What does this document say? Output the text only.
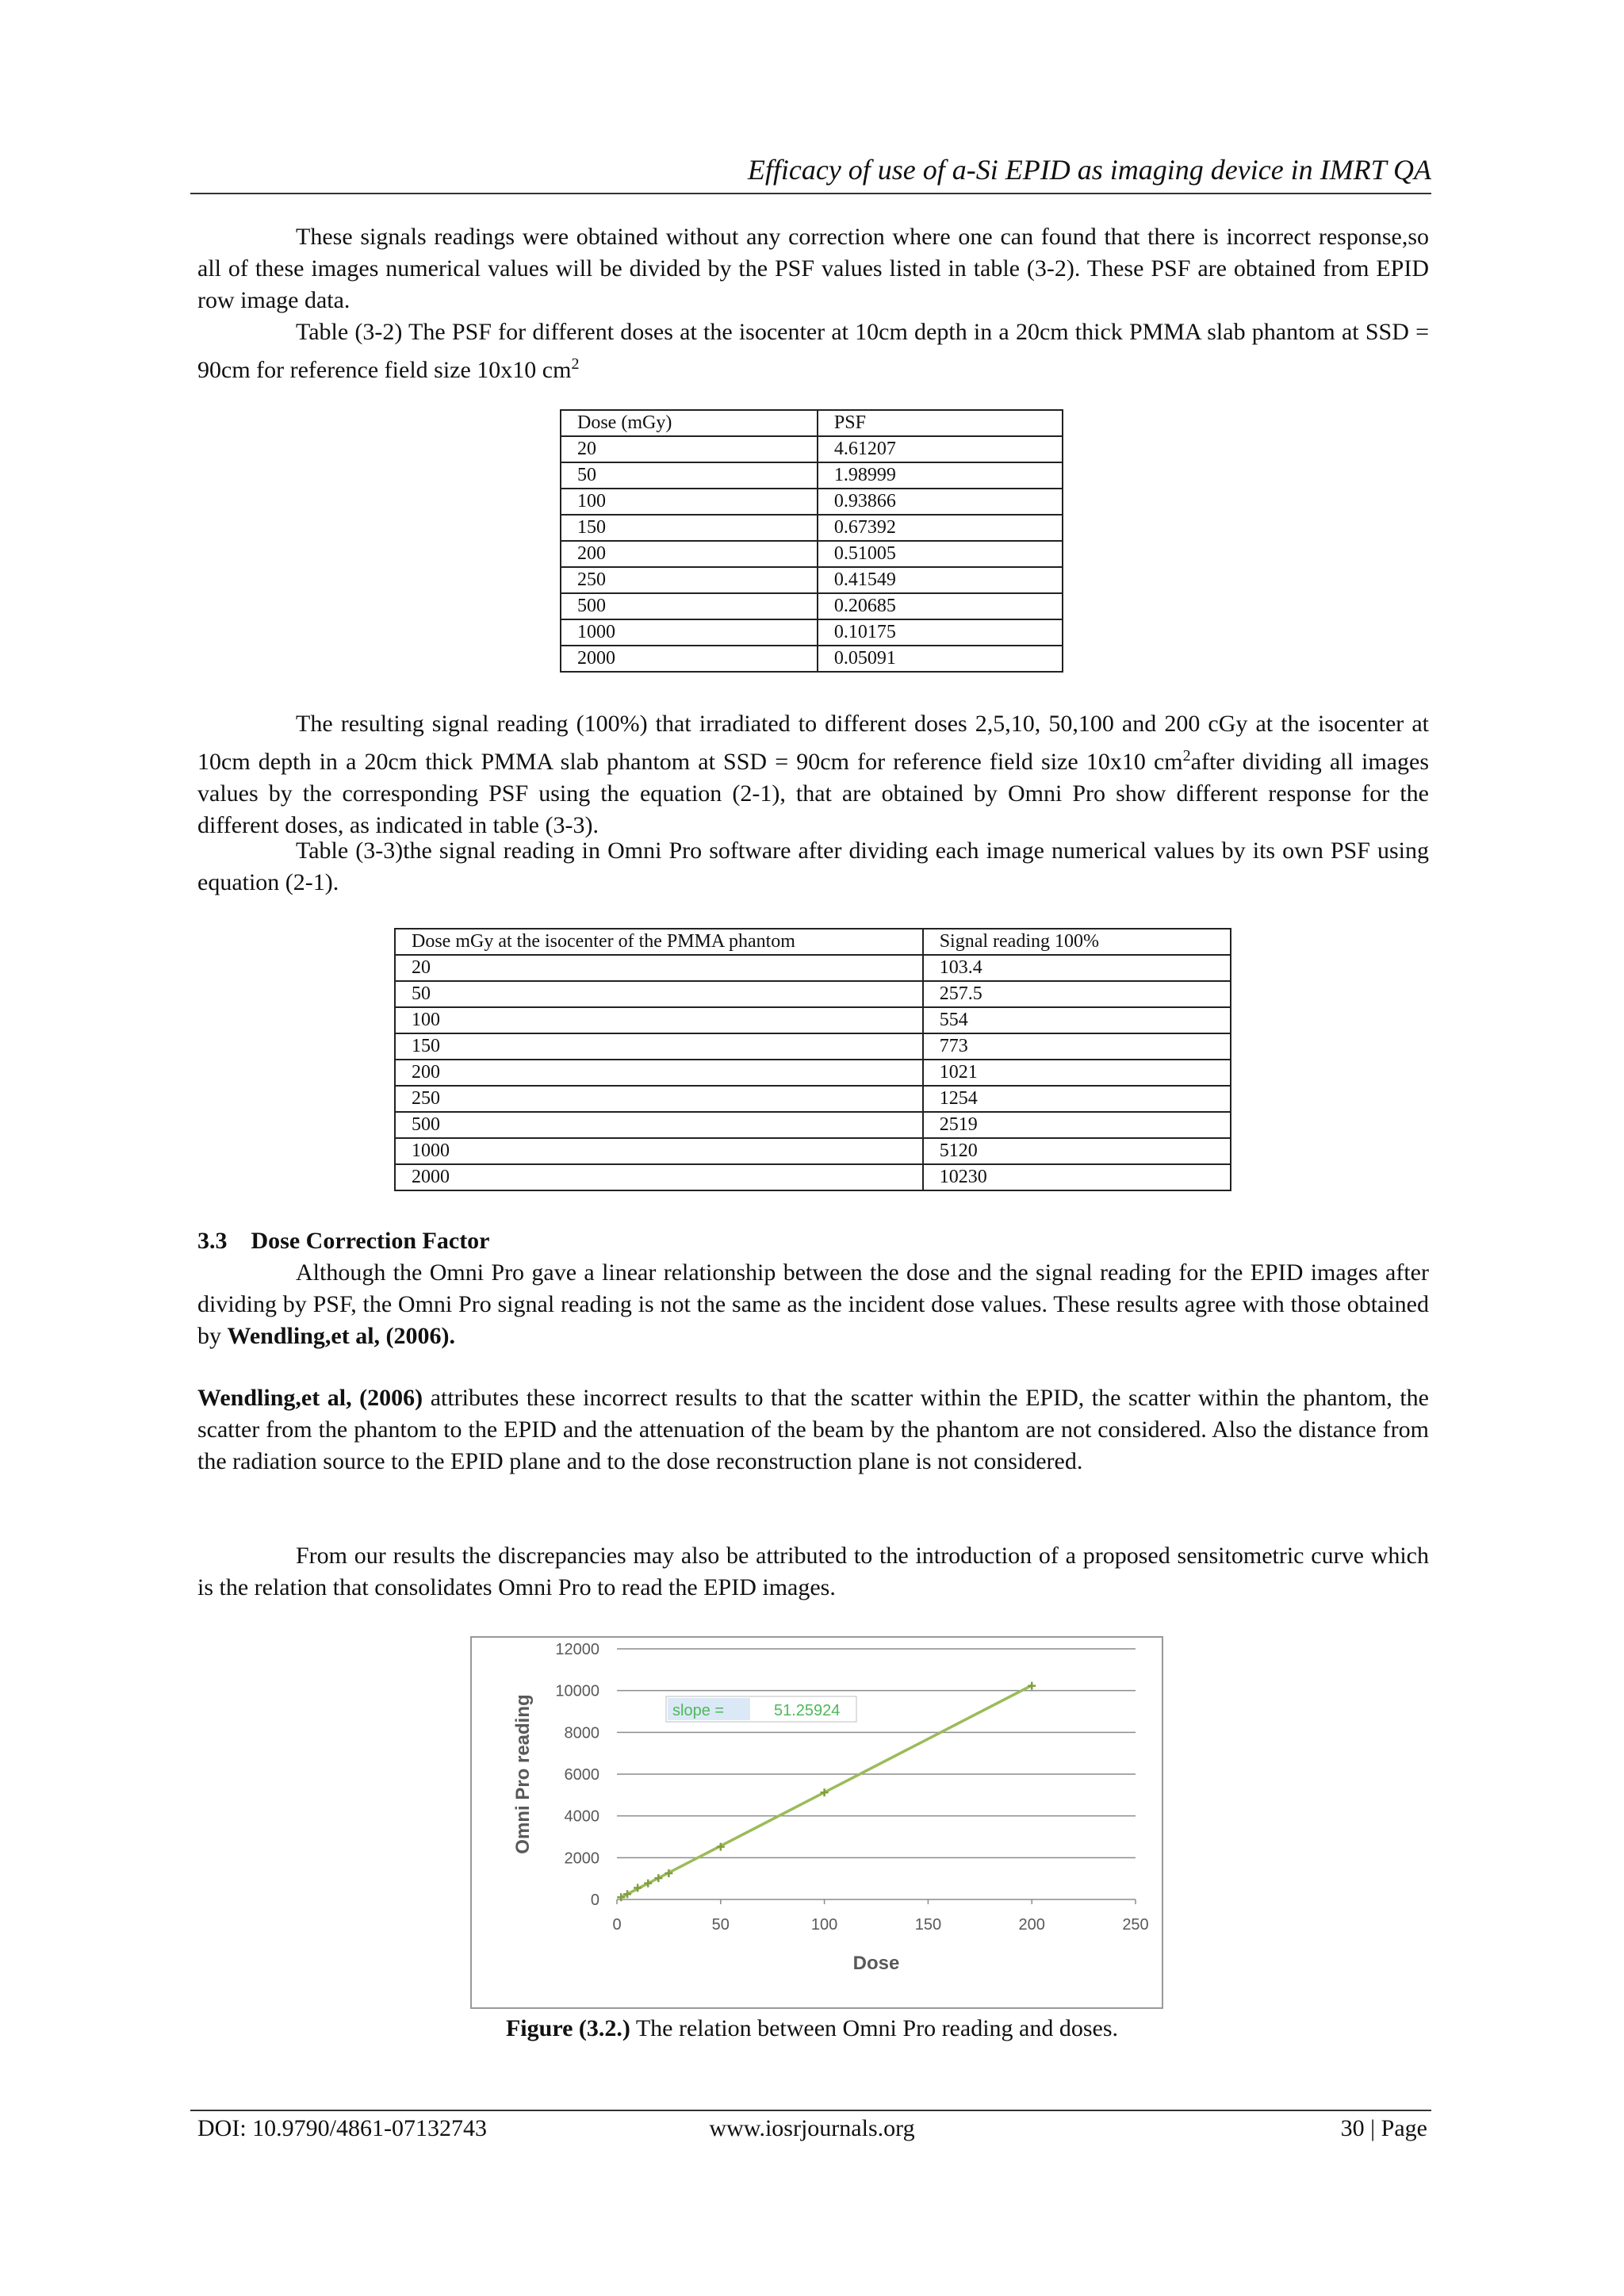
Efficacy of use of a-Si EPID as imaging device in IMRT QA

These signals readings were obtained without any correction where one can found that there is incorrect response,so all of these images numerical values will be divided by the PSF values listed in table (3-2). These PSF are obtained from EPID row image data.

Table (3-2) The PSF for different doses at the isocenter at 10cm depth in a 20cm thick PMMA slab phantom at SSD = 90cm for reference field size 10x10 $cm^2$

Dose (mGy)	PSF
20	4.61207
50	1.98999
100	0.93866
150	0.67392
200	0.51005
250	0.41549
500	0.20685
1000	0.10175
2000	0.05091

The resulting signal reading (100%) that irradiated to different doses 2,5,10, 50,100 and 200 cGy at the isocenter at 10cm depth in a 20cm thick PMMA slab phantom at SSD = 90cm for reference field size 10x10 $cm^2after$ dividing all images values by the corresponding PSF using the equation (2-1), that are obtained by Omni Pro show different response for the different doses, as indicated in table (3-3).

Table (3-3)the signal reading in Omni Pro software after dividing each image numerical values by its own PSF using equation (2-1).

Dose mGy at the isocenter of the PMMA phantom	Signal reading 100%
20	103.4
50	257.5
100	554
150	773
200	1021
250	1254
500	2519
1000	5120
2000	10230
3.3 Dose Correction Factor

Although the Omni Pro gave a linear relationship between the dose and the signal reading for the EPID images after dividing by PSF, the Omni Pro signal reading is not the same as the incident dose values. These results agree with those obtained by Wendling,et al, (2006).

Wendling,et al, (2006) attributes these incorrect results to that the scatter within the EPID, the scatter within the phantom, the scatter from the phantom to the EPID and the attenuation of the beam by the phantom are not considered. Also the distance from the radiation source to the EPID plane and to the dose reconstruction plane is not considered.

From our results the discrepancies may also be attributed to the introduction of a proposed sensitometric curve which is the relation that consolidates Omni Pro to read the EPID images.

0
2000
4000
6000
8000
10000
12000
0	50	100	150	200	250
Dose
Omni Pro reading	slope =	51.25924
Figure (3.2.) The relation between Omni Pro reading and doses.
DOI: 10.9790/4861-07132743	www.iosrjournals.org	30 | Page
